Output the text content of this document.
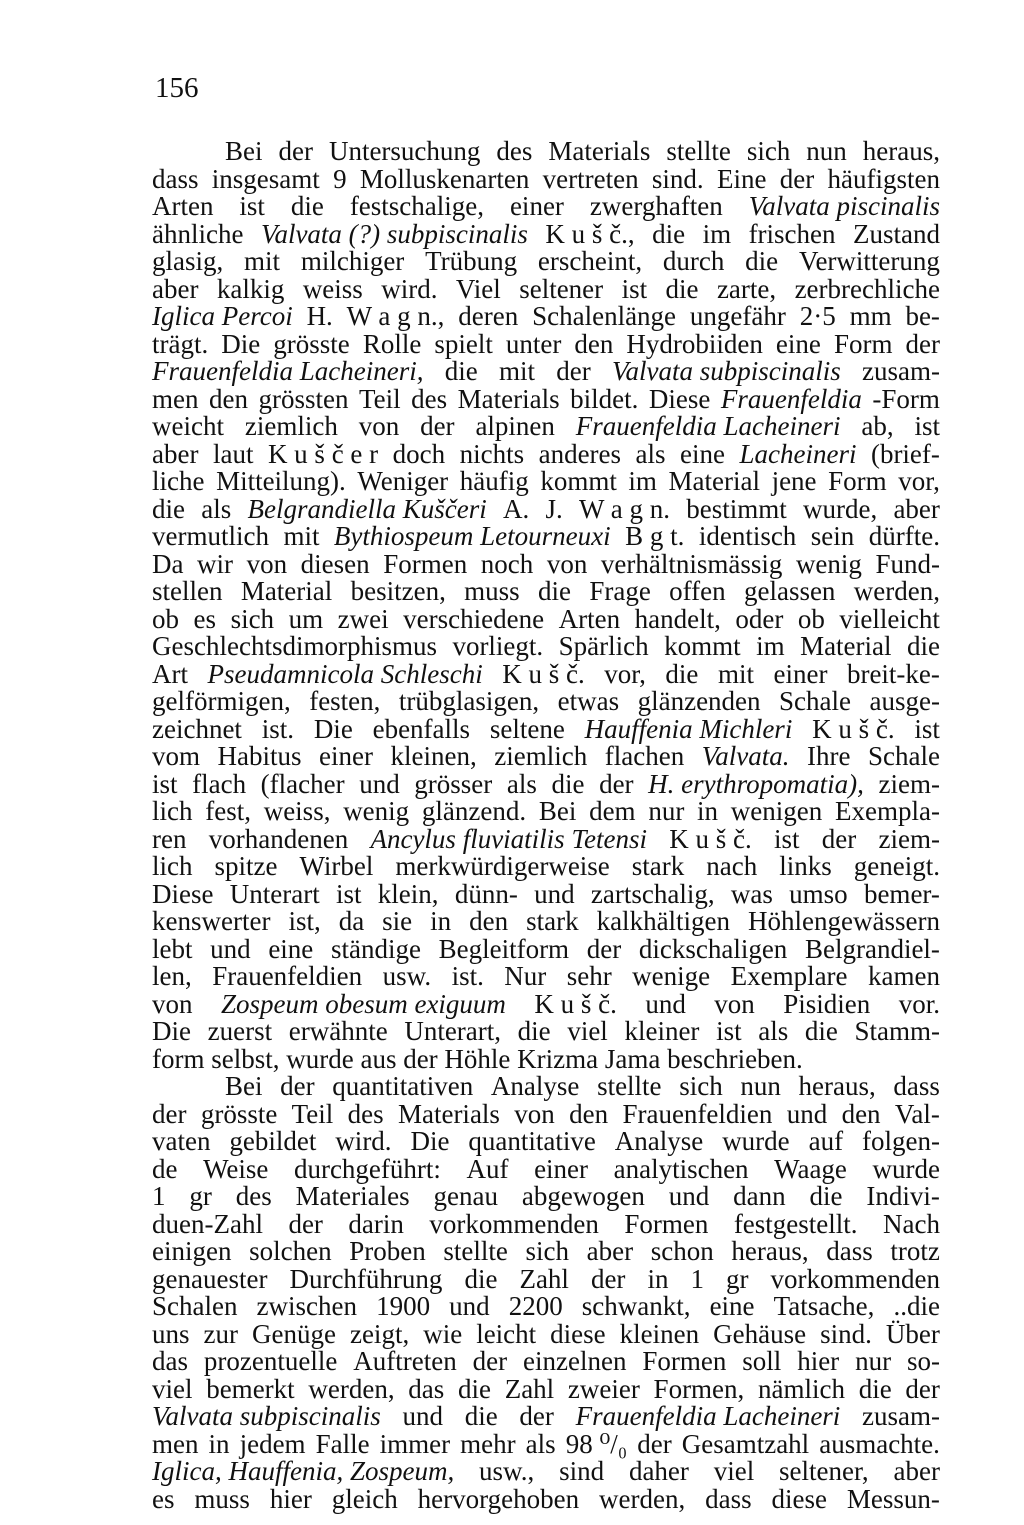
156

Bei der Untersuchung des Materials stellte sich nun heraus,
dass insgesamt 9 Molluskenarten vertreten sind. Eine der häufigsten
Arten ist die festschalige, einer zwerghaften Valvata piscinalis
ähnliche Valvata (?) subpiscinalis K u š č., die im frischen Zustand
glasig, mit milchiger Trübung erscheint, durch die Verwitterung
aber kalkig weiss wird. Viel seltener ist die zarte, zerbrechliche
Iglica Percoi H. W a g n., deren Schalenlänge ungefähr 2·5 mm be-
trägt. Die grösste Rolle spielt unter den Hydrobiiden eine Form der
Frauenfeldia Lacheineri, die mit der Valvata subpiscinalis zusam-
men den grössten Teil des Materials bildet. Diese Frauenfeldia -Form
weicht ziemlich von der alpinen Frauenfeldia Lacheineri ab, ist
aber laut K u š č e r doch nichts anderes als eine Lacheineri (brief-
liche Mitteilung). Weniger häufig kommt im Material jene Form vor,
die als Belgrandiella Kuščeri A. J. W a g n. bestimmt wurde, aber
vermutlich mit Bythiospeum Letourneuxi B g t. identisch sein dürfte.
Da wir von diesen Formen noch von verhältnismässig wenig Fund-
stellen Material besitzen, muss die Frage offen gelassen werden,
ob es sich um zwei verschiedene Arten handelt, oder ob vielleicht
Geschlechtsdimorphismus vorliegt. Spärlich kommt im Material die
Art Pseudamnicola Schleschi K u š č. vor, die mit einer breit-ke-
gelförmigen, festen, trübglasigen, etwas glänzenden Schale ausge-
zeichnet ist. Die ebenfalls seltene Hauffenia Michleri K u š č. ist
vom Habitus einer kleinen, ziemlich flachen Valvata. Ihre Schale
ist flach (flacher und grösser als die der H. erythropomatia), ziem-
lich fest, weiss, wenig glänzend. Bei dem nur in wenigen Exempla-
ren vorhandenen Ancylus fluviatilis Tetensi K u š č. ist der ziem-
lich spitze Wirbel merkwürdigerweise stark nach links geneigt.
Diese Unterart ist klein, dünn- und zartschalig, was umso bemer-
kenswerter ist, da sie in den stark kalkhältigen Höhlengewässern
lebt und eine ständige Begleitform der dickschaligen Belgrandiel-
len, Frauenfeldien usw. ist. Nur sehr wenige Exemplare kamen
von Zospeum obesum exiguum K u š č. und von Pisidien vor.
Die zuerst erwähnte Unterart, die viel kleiner ist als die Stamm-
form selbst, wurde aus der Höhle Krizma Jama beschrieben.
Bei der quantitativen Analyse stellte sich nun heraus, dass
der grösste Teil des Materials von den Frauenfeldien und den Val-
vaten gebildet wird. Die quantitative Analyse wurde auf folgen-
de Weise durchgeführt: Auf einer analytischen Waage wurde
1 gr des Materiales genau abgewogen und dann die Indivi-
duen-Zahl der darin vorkommenden Formen festgestellt. Nach
einigen solchen Proben stellte sich aber schon heraus, dass trotz
genauester Durchführung die Zahl der in 1 gr vorkommenden
Schalen zwischen 1900 und 2200 schwankt, eine Tatsache, ..die
uns zur Genüge zeigt, wie leicht diese kleinen Gehäuse sind. Über
das prozentuelle Auftreten der einzelnen Formen soll hier nur so-
viel bemerkt werden, das die Zahl zweier Formen, nämlich die der
Valvata subpiscinalis und die der Frauenfeldia Lacheineri zusam-
men in jedem Falle immer mehr als 98 ⁰/₀ der Gesamtzahl ausmachte.
Iglica, Hauffenia, Zospeum, usw., sind daher viel seltener, aber
es muss hier gleich hervorgehoben werden, dass diese Messun-
